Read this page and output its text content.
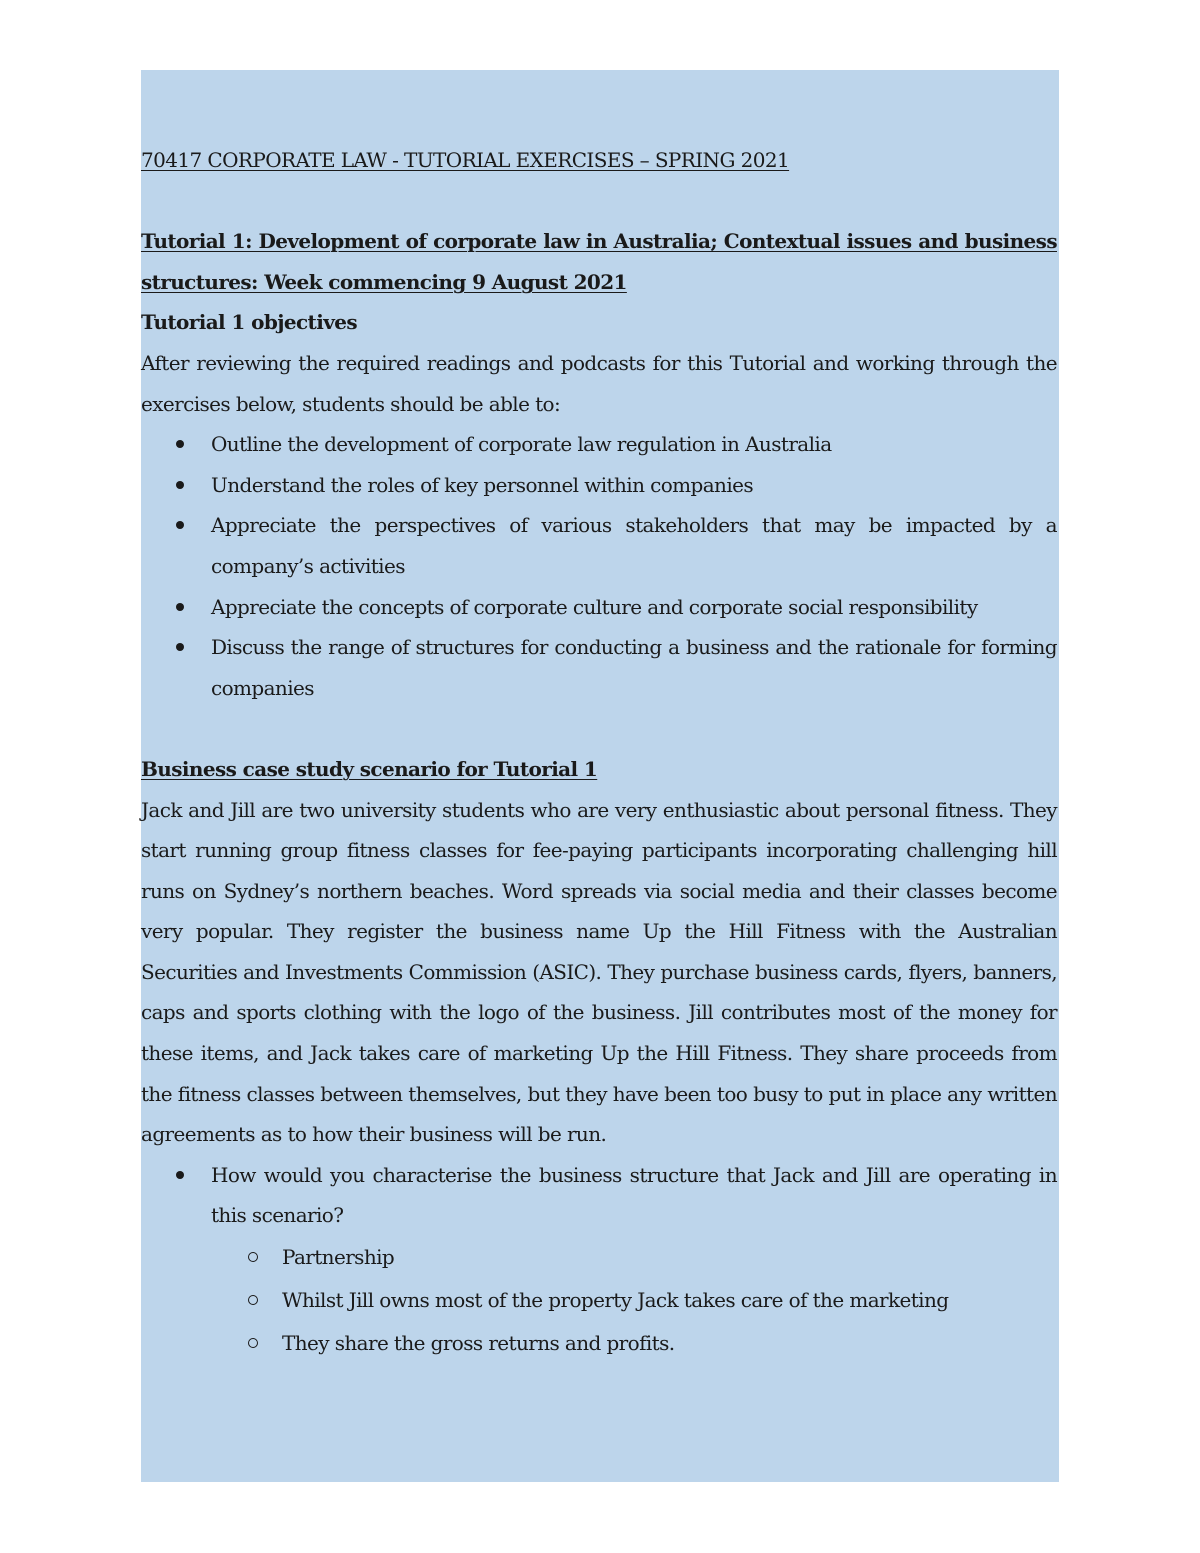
70417 CORPORATE LAW - TUTORIAL EXERCISES – SPRING 2021
Tutorial 1: Development of corporate law in Australia; Contextual issues and business structures: Week commencing 9 August 2021
Tutorial 1 objectives

After reviewing the required readings and podcasts for this Tutorial and working through the exercises below, students should be able to:

Outline the development of corporate law regulation in Australia
Understand the roles of key personnel within companies
Appreciate the perspectives of various stakeholders that may be impacted by a company’s activities
Appreciate the concepts of corporate culture and corporate social responsibility
Discuss the range of structures for conducting a business and the rationale for forming companies
Business case study scenario for Tutorial 1

Jack and Jill are two university students who are very enthusiastic about personal fitness. They start running group fitness classes for fee-paying participants incorporating challenging hill runs on Sydney’s northern beaches. Word spreads via social media and their classes become very popular. They register the business name Up the Hill Fitness with the Australian Securities and Investments Commission (ASIC). They purchase business cards, flyers, banners, caps and sports clothing with the logo of the business. Jill contributes most of the money for these items, and Jack takes care of marketing Up the Hill Fitness. They share proceeds from the fitness classes between themselves, but they have been too busy to put in place any written agreements as to how their business will be run.

How would you characterise the business structure that Jack and Jill are operating in this scenario?
Partnership
Whilst Jill owns most of the property Jack takes care of the marketing
They share the gross returns and profits.
